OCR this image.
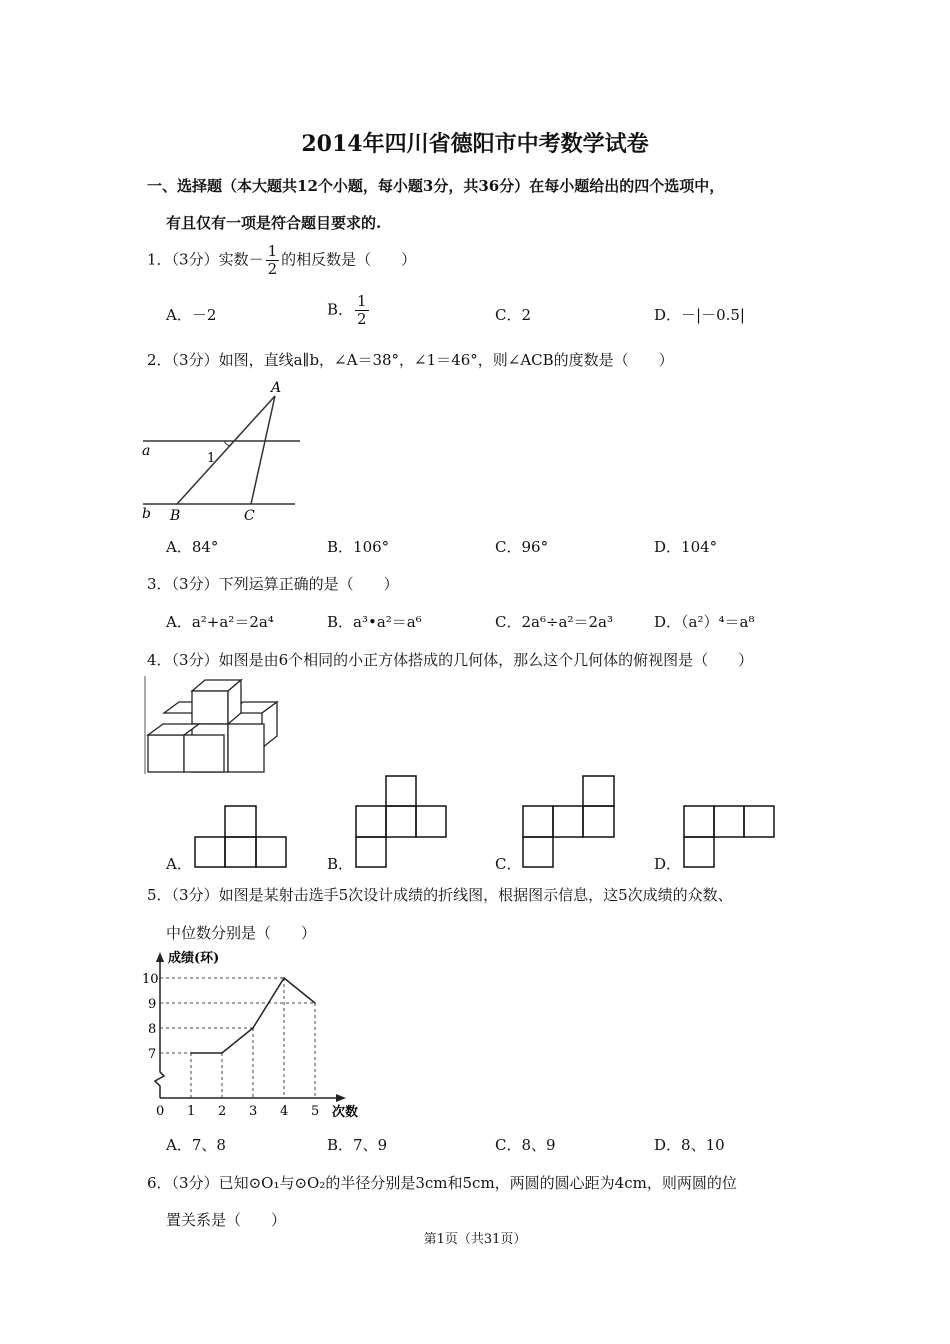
2014年四川省德阳市中考数学试卷
一、选择题（本大题共12个小题，每小题3分，共36分）在每小题给出的四个选项中，
有且仅有一项是符合题目要求的.
1．（3分）实数－ $\frac{1}{2}$ 的相反数是（　　）
A．－2	B． $\frac{1}{2}$	C．2	D．－|－0.5|
2．（3分）如图，直线a∥b，∠A＝38°，∠1＝46°，则∠ACB的度数是（　　）
A
a	1
b B	C
A．84°	B．106°	C．96°	D．104°
3．（3分）下列运算正确的是（　　）
A．a²+a²＝2a⁴	B．a³•a²＝a⁶	C．2a⁶÷a²＝2a³	D．（a²）⁴＝a⁸
4．（3分）如图是由6个相同的小正方体搭成的几何体，那么这个几何体的俯视图是（　　）
A．	B．	C．	D．
5．（3分）如图是某射击选手5次设计成绩的折线图，根据图示信息，这5次成绩的众数、
中位数分别是（　　）
成绩(环)
次数
0 1 2 3 4 5
7
8
9
10
A．7、8	B．7、9	C．8、9	D．8、10
6．（3分）已知⊙O₁与⊙O₂的半径分别是3cm和5cm，两圆的圆心距为4cm，则两圆的位
置关系是（　　）
第1页（共31页）
